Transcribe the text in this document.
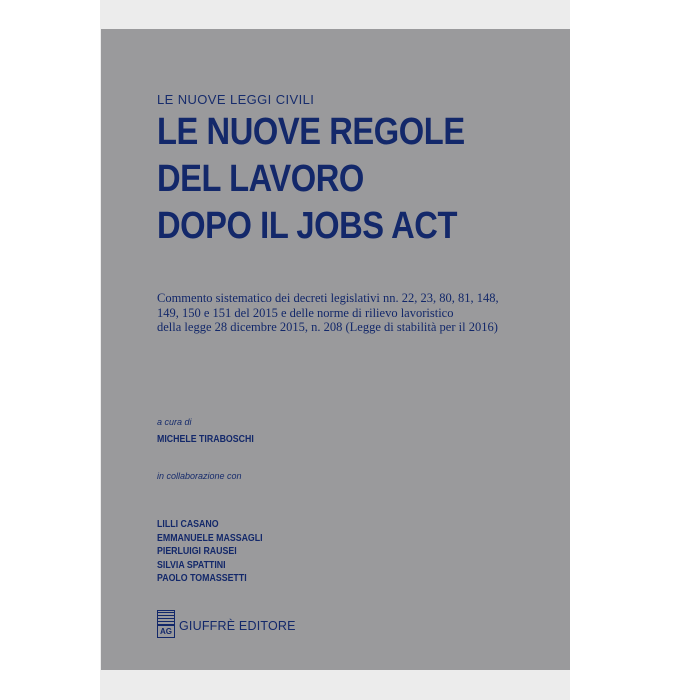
LE NUOVE LEGGI CIVILI
LE NUOVE REGOLE
DEL LAVORO
DOPO IL JOBS ACT
Commento sistematico dei decreti legislativi nn. 22, 23, 80, 81, 148,
149, 150 e 151 del 2015 e delle norme di rilievo lavoristico
della legge 28 dicembre 2015, n. 208 (Legge di stabilità per il 2016)
a cura di
MICHELE TIRABOSCHI
in collaborazione con
LILLI CASANO
EMMANUELE MASSAGLI
PIERLUIGI RAUSEI
SILVIA SPATTINI
PAOLO TOMASSETTI
AG GIUFFRÈ EDITORE
